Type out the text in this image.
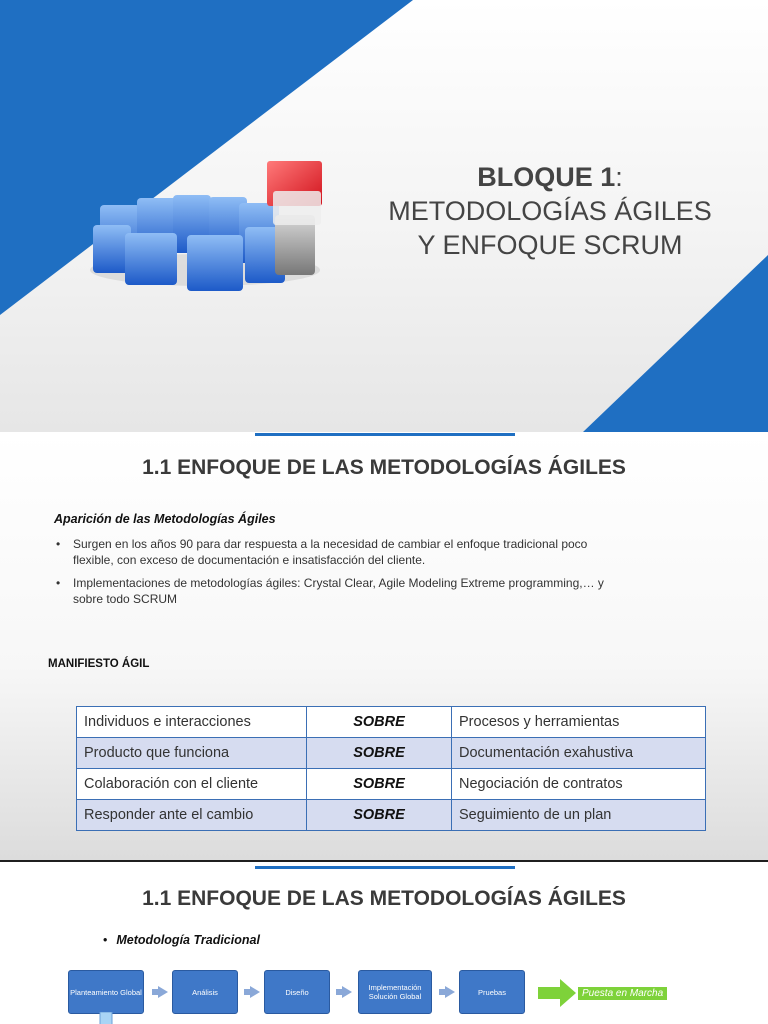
BLOQUE 1:
METODOLOGÍAS ÁGILES
Y ENFOQUE SCRUM
1.1 ENFOQUE DE LAS METODOLOGÍAS ÁGILES
Aparición de las Metodologías Ágiles
• Surgen en los años 90 para dar respuesta a la necesidad de cambiar el enfoque tradicional poco flexible, con exceso de documentación e insatisfacción del cliente.
• Implementaciones de metodologías ágiles: Crystal Clear, Agile Modeling Extreme programming,… y sobre todo SCRUM
MANIFIESTO ÁGIL
Individuos e interacciones	SOBRE	Procesos y herramientas
Producto que funciona	SOBRE	Documentación exahustiva
Colaboración con el cliente	SOBRE	Negociación de contratos
Responder ante el cambio	SOBRE	Seguimiento de un plan
1.1 ENFOQUE DE LAS METODOLOGÍAS ÁGILES
• Metodología Tradicional
Planteamiento Global	Análisis	Diseño	Implementación Solución Global	Pruebas	Puesta en Marcha
